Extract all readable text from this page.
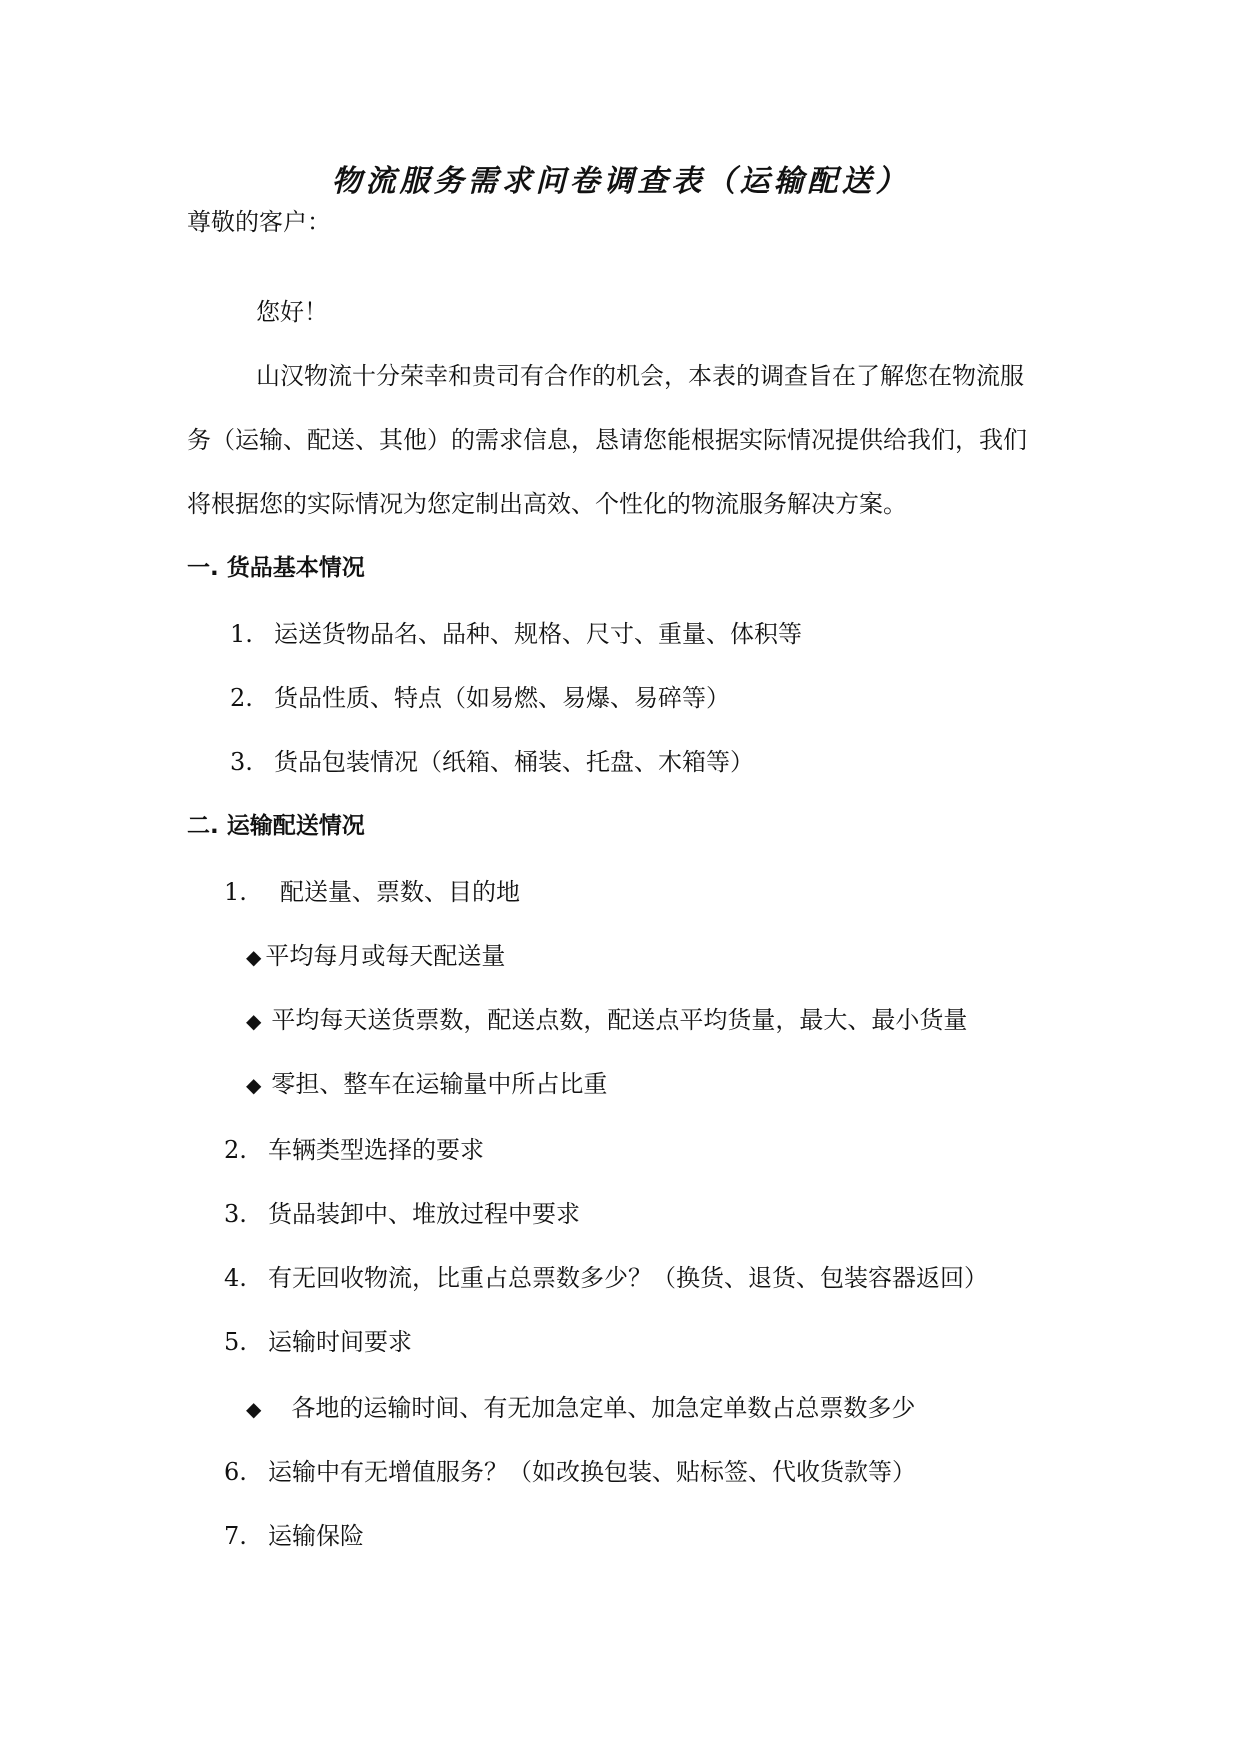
物流服务需求问卷调查表（运输配送）
尊敬的客户：
您好！
山汉物流十分荣幸和贵司有合作的机会，本表的调查旨在了解您在物流服
务（运输、配送、其他）的需求信息，恳请您能根据实际情况提供给我们，我们
将根据您的实际情况为您定制出高效、个性化的物流服务解决方案。
一. 货品基本情况
1. 运送货物品名、品种、规格、尺寸、重量、体积等
2. 货品性质、特点（如易燃、易爆、易碎等）
3. 货品包装情况（纸箱、桶装、托盘、木箱等）
二. 运输配送情况
1. 配送量、票数、目的地
◆ 平均每月或每天配送量
◆ 平均每天送货票数，配送点数，配送点平均货量，最大、最小货量
◆ 零担、整车在运输量中所占比重
2. 车辆类型选择的要求
3. 货品装卸中、堆放过程中要求
4. 有无回收物流，比重占总票数多少？（换货、退货、包装容器返回）
5. 运输时间要求
◆ 各地的运输时间、有无加急定单、加急定单数占总票数多少
6. 运输中有无增值服务？（如改换包装、贴标签、代收货款等）
7. 运输保险
